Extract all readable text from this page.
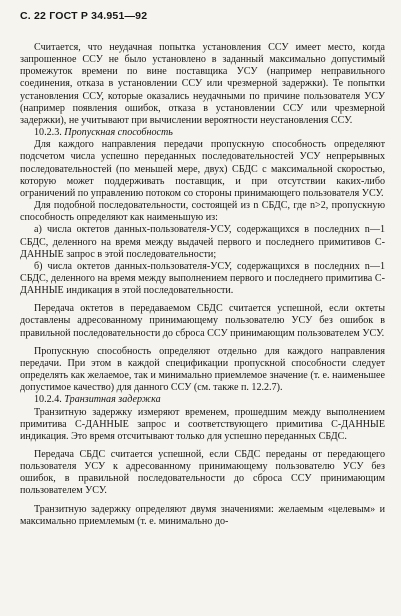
С. 22 ГОСТ Р 34.951—92

Считается, что неудачная попытка установления ССУ имеет место, когда запрошенное ССУ не было установлено в заданный максимально допустимый промежуток времени по вине поставщика УСУ (например неправильного соединения, отказа в установлении ССУ или чрезмерной задержки). Те попытки установления ССУ, которые оказались неудачными по причине пользователя УСУ (например появления ошибок, отказа в установлении ССУ или чрезмерной задержки), не учитывают при вычислении вероятности неустановления ССУ.

10.2.3. Пропускная способность

Для каждого направления передачи пропускную способность определяют подсчетом числа успешно переданных последовательностей УСУ непрерывных последовательностей (по меньшей мере, двух) СБДС с максимальной скоростью, которую может поддерживать поставщик, и при отсутствии каких-либо ограничений по управлению потоком со стороны принимающего пользователя УСУ.

Для подобной последовательности, состоящей из n СБДС, где n>2, пропускную способность определяют как наименьшую из:

а) числа октетов данных-пользователя-УСУ, содержащихся в последних n—1 СБДС, деленного на время между выдачей первого и последнего примитивов С-ДАННЫЕ запрос в этой последовательности;

б) числа октетов данных-пользователя-УСУ, содержащихся в последних n—1 СБДС, деленного на время между выполнением первого и последнего примитива С-ДАННЫЕ индикация в этой последовательности.

Передача октетов в передаваемом СБДС считается успешной, если октеты доставлены адресованному принимающему пользователю УСУ без ошибок в правильной последовательности до сброса ССУ принимающим пользователем УСУ.

Пропускную способность определяют отдельно для каждого направления передачи. При этом в каждой спецификации пропускной способности следует определять как желаемое, так и минимально приемлемое значение (т. е. наименьшее допустимое качество) для данного ССУ (см. также п. 12.2.7).

10.2.4. Транзитная задержка

Транзитную задержку измеряют временем, прошедшим между выполнением примитива С-ДАННЫЕ запрос и соответствующего примитива С-ДАННЫЕ индикация. Это время отсчитывают только для успешно переданных СБДС.

Передача СБДС считается успешной, если СБДС переданы от передающего пользователя УСУ к адресованному принимающему пользователю УСУ без ошибок, в правильной последовательности до сброса ССУ принимающим пользователем УСУ.

Транзитную задержку определяют двумя значениями: желаемым «целевым» и максимально приемлемым (т. е. минимально до-
